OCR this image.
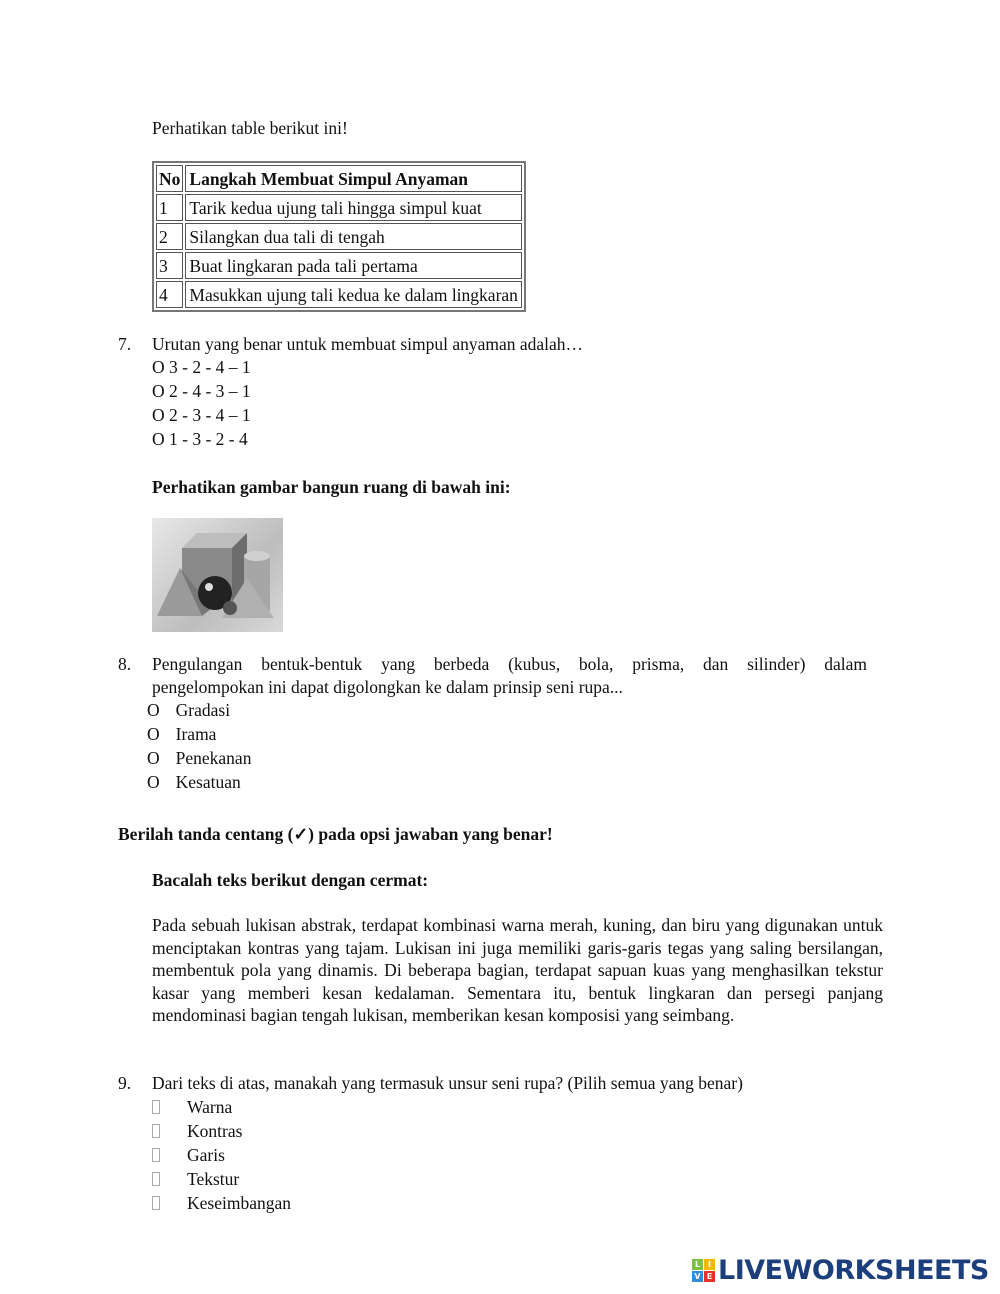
Perhatikan table berikut ini!
No	Langkah Membuat Simpul Anyaman
1	Tarik kedua ujung tali hingga simpul kuat
2	Silangkan dua tali di tengah
3	Buat lingkaran pada tali pertama
4	Masukkan ujung tali kedua ke dalam lingkaran
7. Urutan yang benar untuk membuat simpul anyaman adalah…
O 3 - 2 - 4 – 1
O 2 - 4 - 3 – 1
O 2 - 3 - 4 – 1
O 1 - 3 - 2 - 4
Perhatikan gambar bangun ruang di bawah ini:
8. Pengulangan bentuk-bentuk yang berbeda (kubus, bola, prisma, dan silinder) dalam
pengelompokan ini dapat digolongkan ke dalam prinsip seni rupa...
O Gradasi
O Irama
O Penekanan
O Kesatuan
Berilah tanda centang (✓) pada opsi jawaban yang benar!
Bacalah teks berikut dengan cermat:
Pada sebuah lukisan abstrak, terdapat kombinasi warna merah, kuning, dan biru yang digunakan untuk menciptakan kontras yang tajam. Lukisan ini juga memiliki garis-garis tegas yang saling bersilangan, membentuk pola yang dinamis. Di beberapa bagian, terdapat sapuan kuas yang menghasilkan tekstur kasar yang memberi kesan kedalaman. Sementara itu, bentuk lingkaran dan persegi panjang mendominasi bagian tengah lukisan, memberikan kesan komposisi yang seimbang.
9. Dari teks di atas, manakah yang termasuk unsur seni rupa? (Pilih semua yang benar)
Warna
Kontras
Garis
Tekstur
Keseimbangan
L I
V E LIVEWORKSHEETS
